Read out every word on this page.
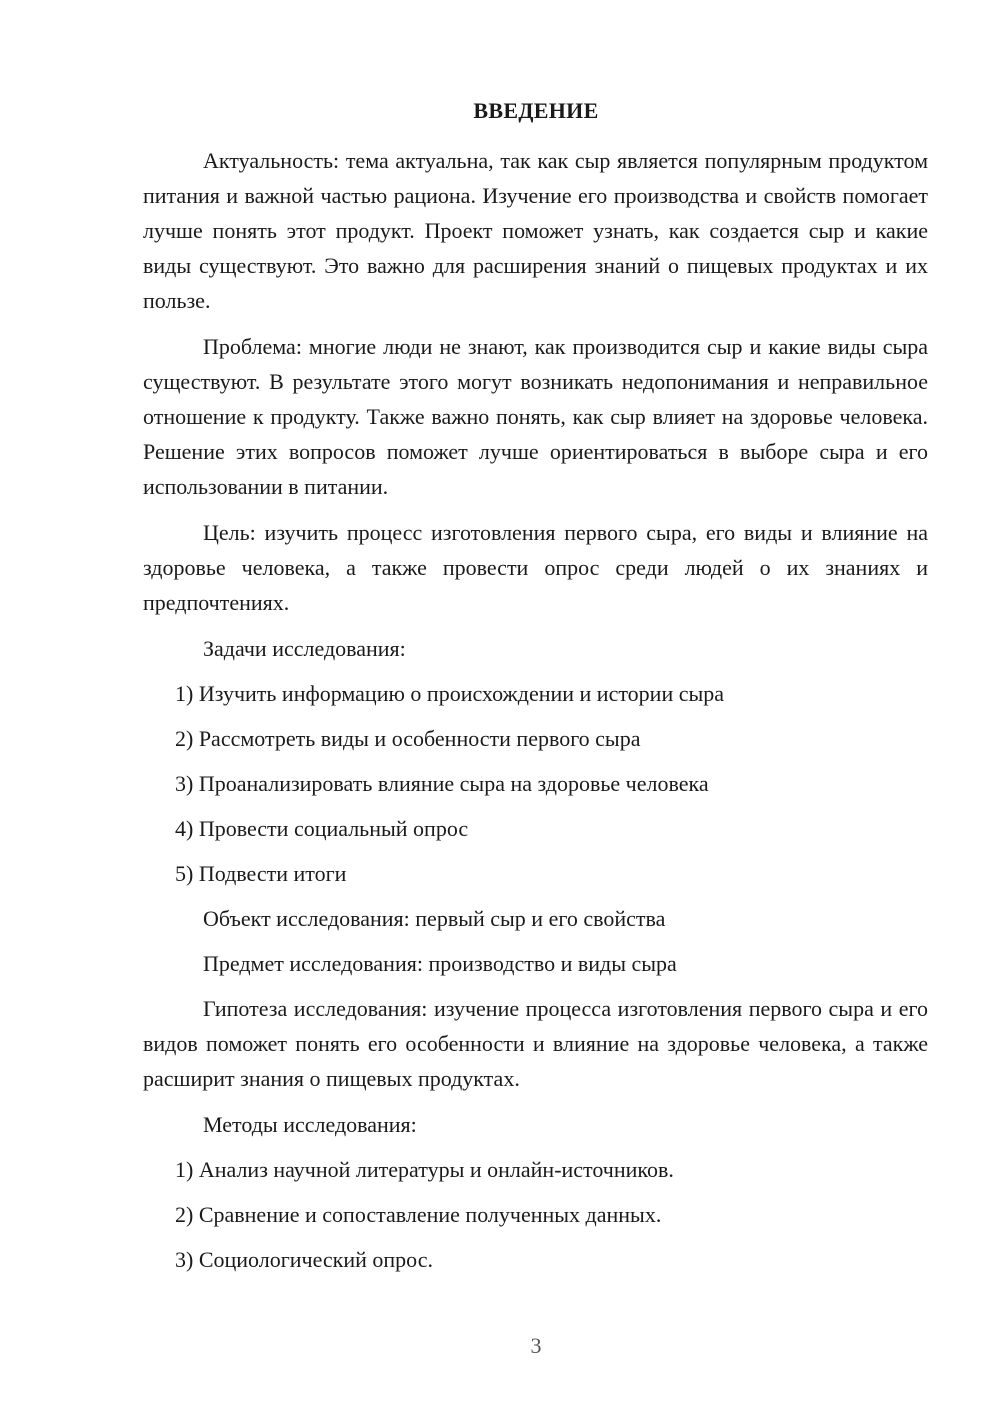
ВВЕДЕНИЕ

Актуальность: тема актуальна, так как сыр является популярным продуктом питания и важной частью рациона. Изучение его производства и свойств помогает лучше понять этот продукт. Проект поможет узнать, как создается сыр и какие виды существуют. Это важно для расширения знаний о пищевых продуктах и их пользе.

Проблема: многие люди не знают, как производится сыр и какие виды сыра существуют. В результате этого могут возникать недопонимания и неправильное отношение к продукту. Также важно понять, как сыр влияет на здоровье человека. Решение этих вопросов поможет лучше ориентироваться в выборе сыра и его использовании в питании.

Цель: изучить процесс изготовления первого сыра, его виды и влияние на здоровье человека, а также провести опрос среди людей о их знаниях и предпочтениях.

Задачи исследования:

1) Изучить информацию о происхождении и истории сыра
2) Рассмотреть виды и особенности первого сыра
3) Проанализировать влияние сыра на здоровье человека
4) Провести социальный опрос
5) Подвести итоги

Объект исследования: первый сыр и его свойства

Предмет исследования: производство и виды сыра

Гипотеза исследования: изучение процесса изготовления первого сыра и его видов поможет понять его особенности и влияние на здоровье человека, а также расширит знания о пищевых продуктах.

Методы исследования:

1) Анализ научной литературы и онлайн-источников.
2) Сравнение и сопоставление полученных данных.
3) Социологический опрос.
3
